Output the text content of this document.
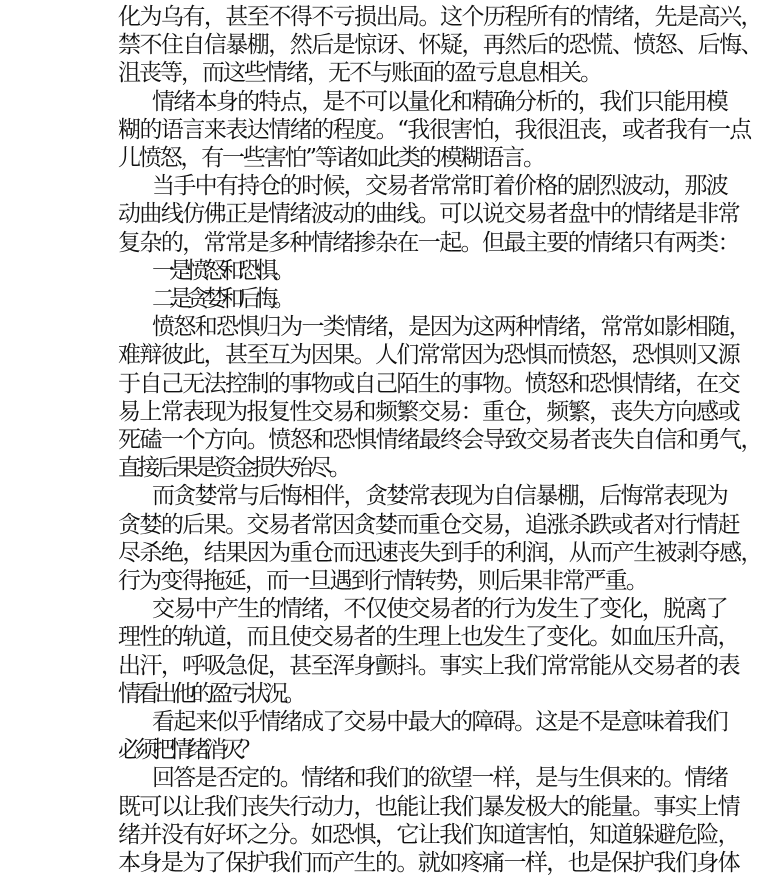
化为乌有，甚至不得不亏损出局。这个历程所有的情绪，先是高兴，
禁不住自信暴棚，然后是惊讶、怀疑，再然后的恐慌、愤怒、后悔、
沮丧等，而这些情绪，无不与账面的盈亏息息相关。
情绪本身的特点，是不可以量化和精确分析的，我们只能用模
糊的语言来表达情绪的程度。“我很害怕，我很沮丧，或者我有一点
儿愤怒，有一些害怕”等诸如此类的模糊语言。
当手中有持仓的时候，交易者常常盯着价格的剧烈波动，那波
动曲线仿佛正是情绪波动的曲线。可以说交易者盘中的情绪是非常
复杂的，常常是多种情绪掺杂在一起。但最主要的情绪只有两类：
一是愤怒和恐惧。
二是贪婪和后悔。
愤怒和恐惧归为一类情绪，是因为这两种情绪，常常如影相随，
难辩彼此，甚至互为因果。人们常常因为恐惧而愤怒，恐惧则又源
于自己无法控制的事物或自己陌生的事物。愤怒和恐惧情绪，在交
易上常表现为报复性交易和频繁交易：重仓，频繁，丧失方向感或
死磕一个方向。愤怒和恐惧情绪最终会导致交易者丧失自信和勇气，
直接后果是资金损失殆尽。
而贪婪常与后悔相伴，贪婪常表现为自信暴棚，后悔常表现为
贪婪的后果。交易者常因贪婪而重仓交易，追涨杀跌或者对行情赶
尽杀绝，结果因为重仓而迅速丧失到手的利润，从而产生被剥夺感，
行为变得拖延，而一旦遇到行情转势，则后果非常严重。
交易中产生的情绪，不仅使交易者的行为发生了变化，脱离了
理性的轨道，而且使交易者的生理上也发生了变化。如血压升高，
出汗，呼吸急促，甚至浑身颤抖。事实上我们常常能从交易者的表
情看出他的盈亏状况。
看起来似乎情绪成了交易中最大的障碍。这是不是意味着我们
必须把情绪消灭？
回答是否定的。情绪和我们的欲望一样，是与生俱来的。情绪
既可以让我们丧失行动力，也能让我们暴发极大的能量。事实上情
绪并没有好坏之分。如恐惧，它让我们知道害怕，知道躲避危险，
本身是为了保护我们而产生的。就如疼痛一样，也是保护我们身体
